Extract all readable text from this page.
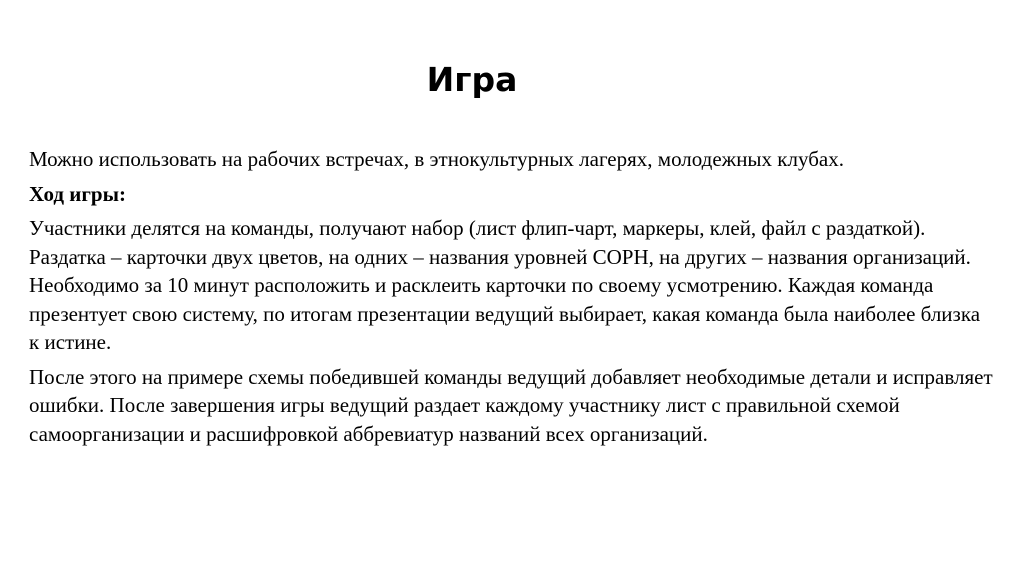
Игра

Можно использовать на рабочих встречах, в этнокультурных лагерях, молодежных клубах.

Ход игры:

Участники делятся на команды, получают набор (лист флип-чарт, маркеры, клей, файл с раздаткой). Раздатка – карточки двух цветов, на одних – названия уровней СОРН, на других – названия организаций. Необходимо за 10 минут расположить и расклеить карточки по своему усмотрению. Каждая команда презентует свою систему, по итогам презентации ведущий выбирает, какая команда была наиболее близка к истине.

После этого на примере схемы победившей команды ведущий добавляет необходимые детали и исправляет ошибки. После завершения игры ведущий раздает каждому участнику лист с правильной схемой самоорганизации и расшифровкой аббревиатур названий всех организаций.
